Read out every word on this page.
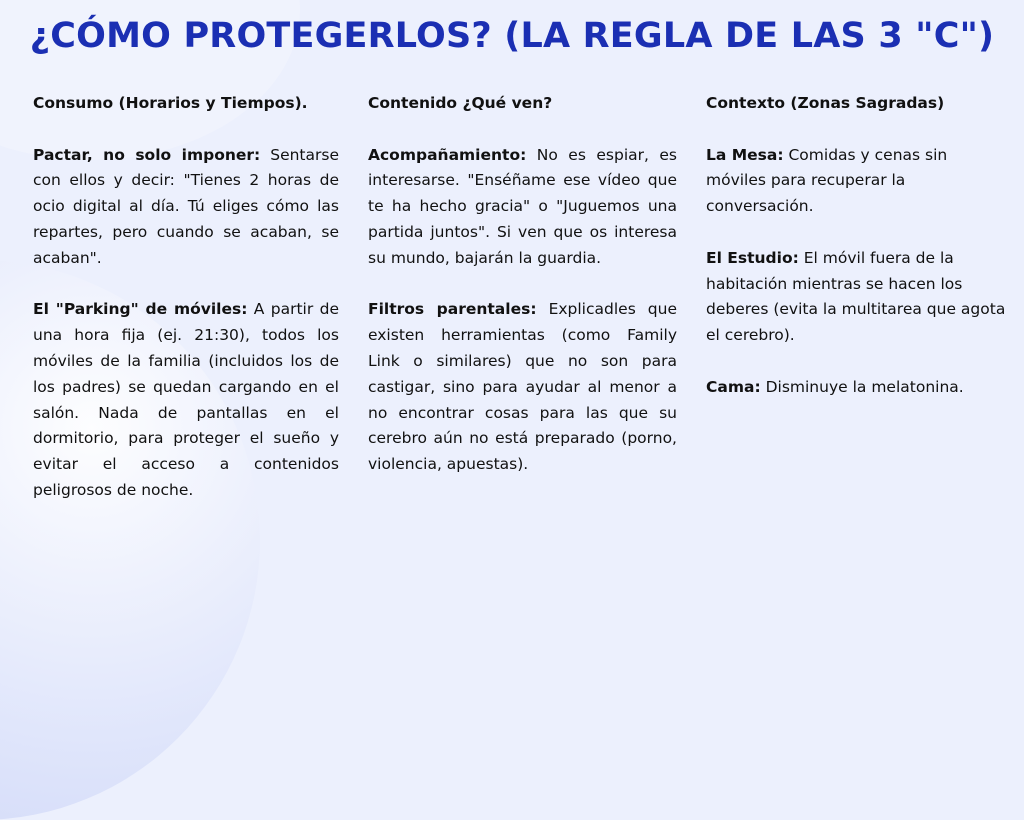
¿CÓMO PROTEGERLOS? (LA REGLA DE LAS 3 "C")

Consumo (Horarios y Tiempos).

Pactar, no solo imponer: Sentarse con ellos y decir: "Tienes 2 horas de ocio digital al día. Tú eliges cómo las repartes, pero cuando se acaban, se acaban".

El "Parking" de móviles: A partir de una hora fija (ej. 21:30), todos los móviles de la familia (incluidos los de los padres) se quedan cargando en el salón. Nada de pantallas en el dormitorio, para proteger el sueño y evitar el acceso a contenidos peligrosos de noche.

Contenido ¿Qué ven?

Acompañamiento: No es espiar, es interesarse. "Enséñame ese vídeo que te ha hecho gracia" o "Juguemos una partida juntos". Si ven que os interesa su mundo, bajarán la guardia.

Filtros parentales: Explicadles que existen herramientas (como Family Link o similares) que no son para castigar, sino para ayudar al menor a no encontrar cosas para las que su cerebro aún no está preparado (porno, violencia, apuestas).

Contexto (Zonas Sagradas)

La Mesa: Comidas y cenas sin móviles para recuperar la conversación.

El Estudio: El móvil fuera de la habitación mientras se hacen los deberes (evita la multitarea que agota el cerebro).

Cama: Disminuye la melatonina.
